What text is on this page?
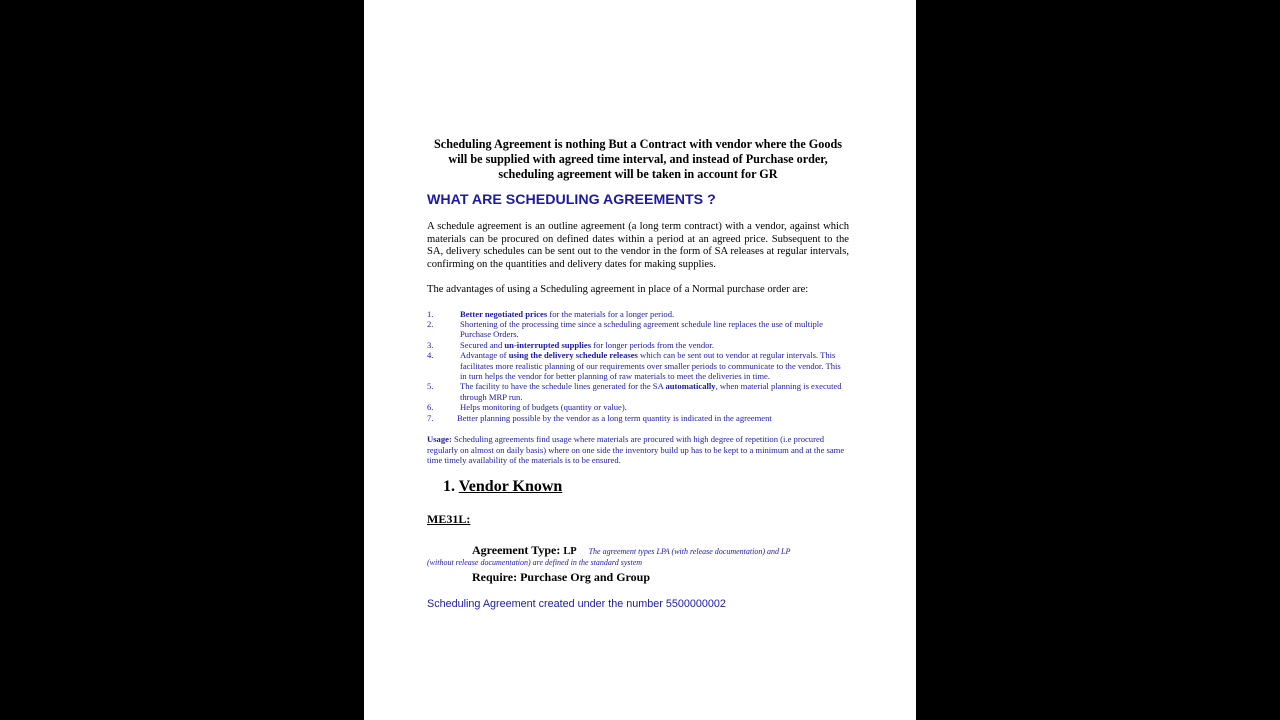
Scheduling Agreement is nothing But a Contract with vendor where the Goods will be supplied with agreed time interval, and instead of Purchase order, scheduling agreement will be taken in account for GR

WHAT ARE SCHEDULING AGREEMENTS ?

A schedule agreement is an outline agreement (a long term contract) with a vendor, against which materials can be procured on defined dates within a period at an agreed price. Subsequent to the SA, delivery schedules can be sent out to the vendor in the form of SA releases at regular intervals, confirming on the quantities and delivery dates for making supplies.

The advantages of using a Scheduling agreement in place of a Normal purchase order are:

1.	Better negotiated prices for the materials for a longer period.
2.	Shortening of the processing time since a scheduling agreement schedule line replaces the use of multiple Purchase Orders.
3.	Secured and un-interrupted supplies for longer periods from the vendor.
4.	Advantage of using the delivery schedule releases which can be sent out to vendor at regular intervals. This facilitates more realistic planning of our requirements over smaller periods to communicate to the vendor. This in turn helps the vendor for better planning of raw materials to meet the deliveries in time.
5.	The facility to have the schedule lines generated for the SA automatically, when material planning is executed through MRP run.
6.	Helps monitoring of budgets (quantity or value).
7.	Better planning possible by the vendor as a long term quantity is indicated in the agreement

Usage: Scheduling agreements find usage where materials are procured with high degree of repetition (i.e procured regularly on almost on daily basis) where on one side the inventory build up has to be kept to a minimum and at the same time timely availability of the materials is to be ensured.

1. Vendor Known
ME31L:

Agreement Type: LP The agreement types LPA (with release documentation) and LP

(without release documentation) are defined in the standard system

Require: Purchase Org and Group

Scheduling Agreement created under the number 5500000002
